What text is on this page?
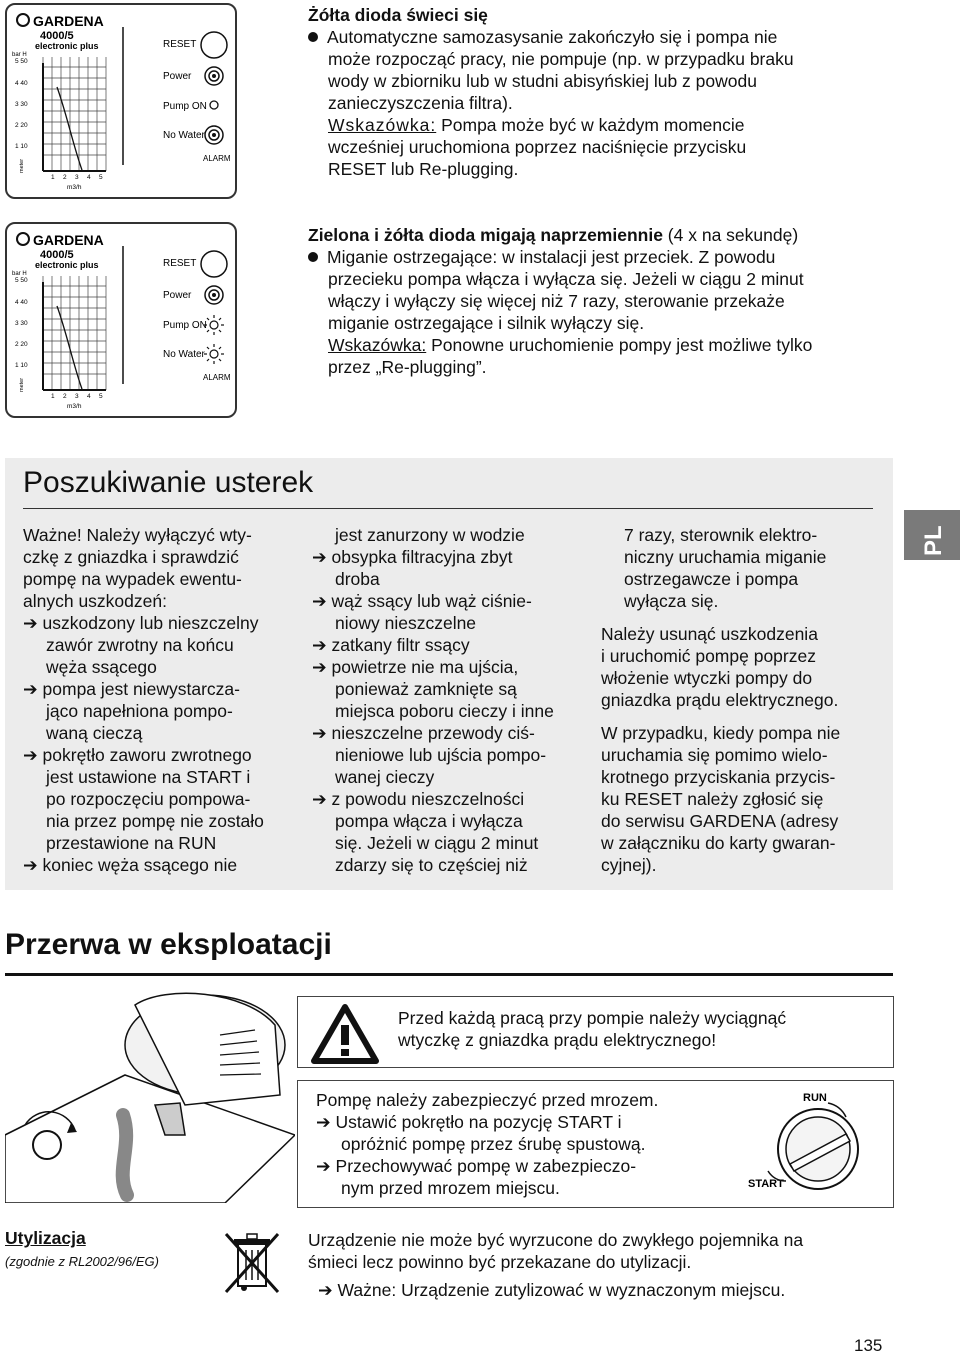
GARDENA
4000/5
electronic plus
bar H
5 50
4 40
3 30
2 20
1 10
1 2 3 4 5
m3/h
meter
RESET
Power
Pump ON
No Water
ALARM
Żółta dioda świeci się
Automatyczne samozasysanie zakończyło się i pompa nie
może rozpocząć pracy, nie pompuje (np. w przypadku braku
wody w zbiorniku lub w studni abisyńskiej lub z powodu
zanieczyszczenia filtra).
Wskazówka: Pompa może być w każdym momencie
wcześniej uruchomiona poprzez naciśnięcie przycisku
RESET lub Re-plugging.
GARDENA
4000/5
electronic plus
bar H
5 50
4 40
3 30
2 20
1 10
1 2 3 4 5
m3/h
meter
RESET
Power
Pump ON
No Water
ALARM
Zielona i żółta dioda migają naprzemiennie (4 x na sekundę)
Miganie ostrzegające: w instalacji jest przeciek. Z powodu
przecieku pompa włącza i wyłącza się. Jeżeli w ciągu 2 minut
włączy i wyłączy się więcej niż 7 razy, sterowanie przekaże
miganie ostrzegające i silnik wyłączy się.
Wskazówka: Ponowne uruchomienie pompy jest możliwe tylko
przez „Re-plugging”.
Poszukiwanie usterek
Ważne! Należy wyłączyć wty-
czkę z gniazdka i sprawdzić
pompę na wypadek ewentu-
alnych uszkodzeń:
➔ uszkodzony lub nieszczelny
zawór zwrotny na końcu
węża ssącego
➔ pompa jest niewystarcza-
jąco napełniona pompo-
waną cieczą
➔ pokrętło zaworu zwrotnego
jest ustawione na START i
po rozpoczęciu pompowa-
nia przez pompę nie zostało
przestawione na RUN
➔ koniec węża ssącego nie
jest zanurzony w wodzie
➔ obsypka filtracyjna zbyt
droba
➔ wąż ssący lub wąż ciśnie-
niowy nieszczelne
➔ zatkany filtr ssący
➔ powietrze nie ma ujścia,
ponieważ zamknięte są
miejsca poboru cieczy i inne
➔ nieszczelne przewody ciś-
nieniowe lub ujścia pompo-
wanej cieczy
➔ z powodu nieszczelności
pompa włącza i wyłącza
się. Jeżeli w ciągu 2 minut
zdarzy się to częściej niż
7 razy, sterownik elektro-
niczny uruchamia miganie
ostrzegawcze i pompa
wyłącza się.
Należy usunąć uszkodzenia
i uruchomić pompę poprzez
włożenie wtyczki pompy do
gniazdka prądu elektrycznego.
W przypadku, kiedy pompa nie
uruchamia się pomimo wielo-
krotnego przyciskania przycis-
ku RESET należy zgłosić się
do serwisu GARDENA (adresy
w załączniku do karty gwaran-
cyjnej).
PL
Przerwa w eksploatacji
Przed każdą pracą przy pompie należy wyciągnąć
wtyczkę z gniazdka prądu elektrycznego!
Pompę należy zabezpieczyć przed mrozem.
➔ Ustawić pokrętło na pozycję START i
opróżnić pompę przez śrubę spustową.
➔ Przechowywać pompę w zabezpieczo-
nym przed mrozem miejscu.
RUN
START
Utylizacja
(zgodnie z RL2002/96/EG)
Urządzenie nie może być wyrzucone do zwykłego pojemnika na
śmieci lecz powinno być przekazane do utylizacji.
➔ Ważne: Urządzenie zutylizować w wyznaczonym miejscu.
135
